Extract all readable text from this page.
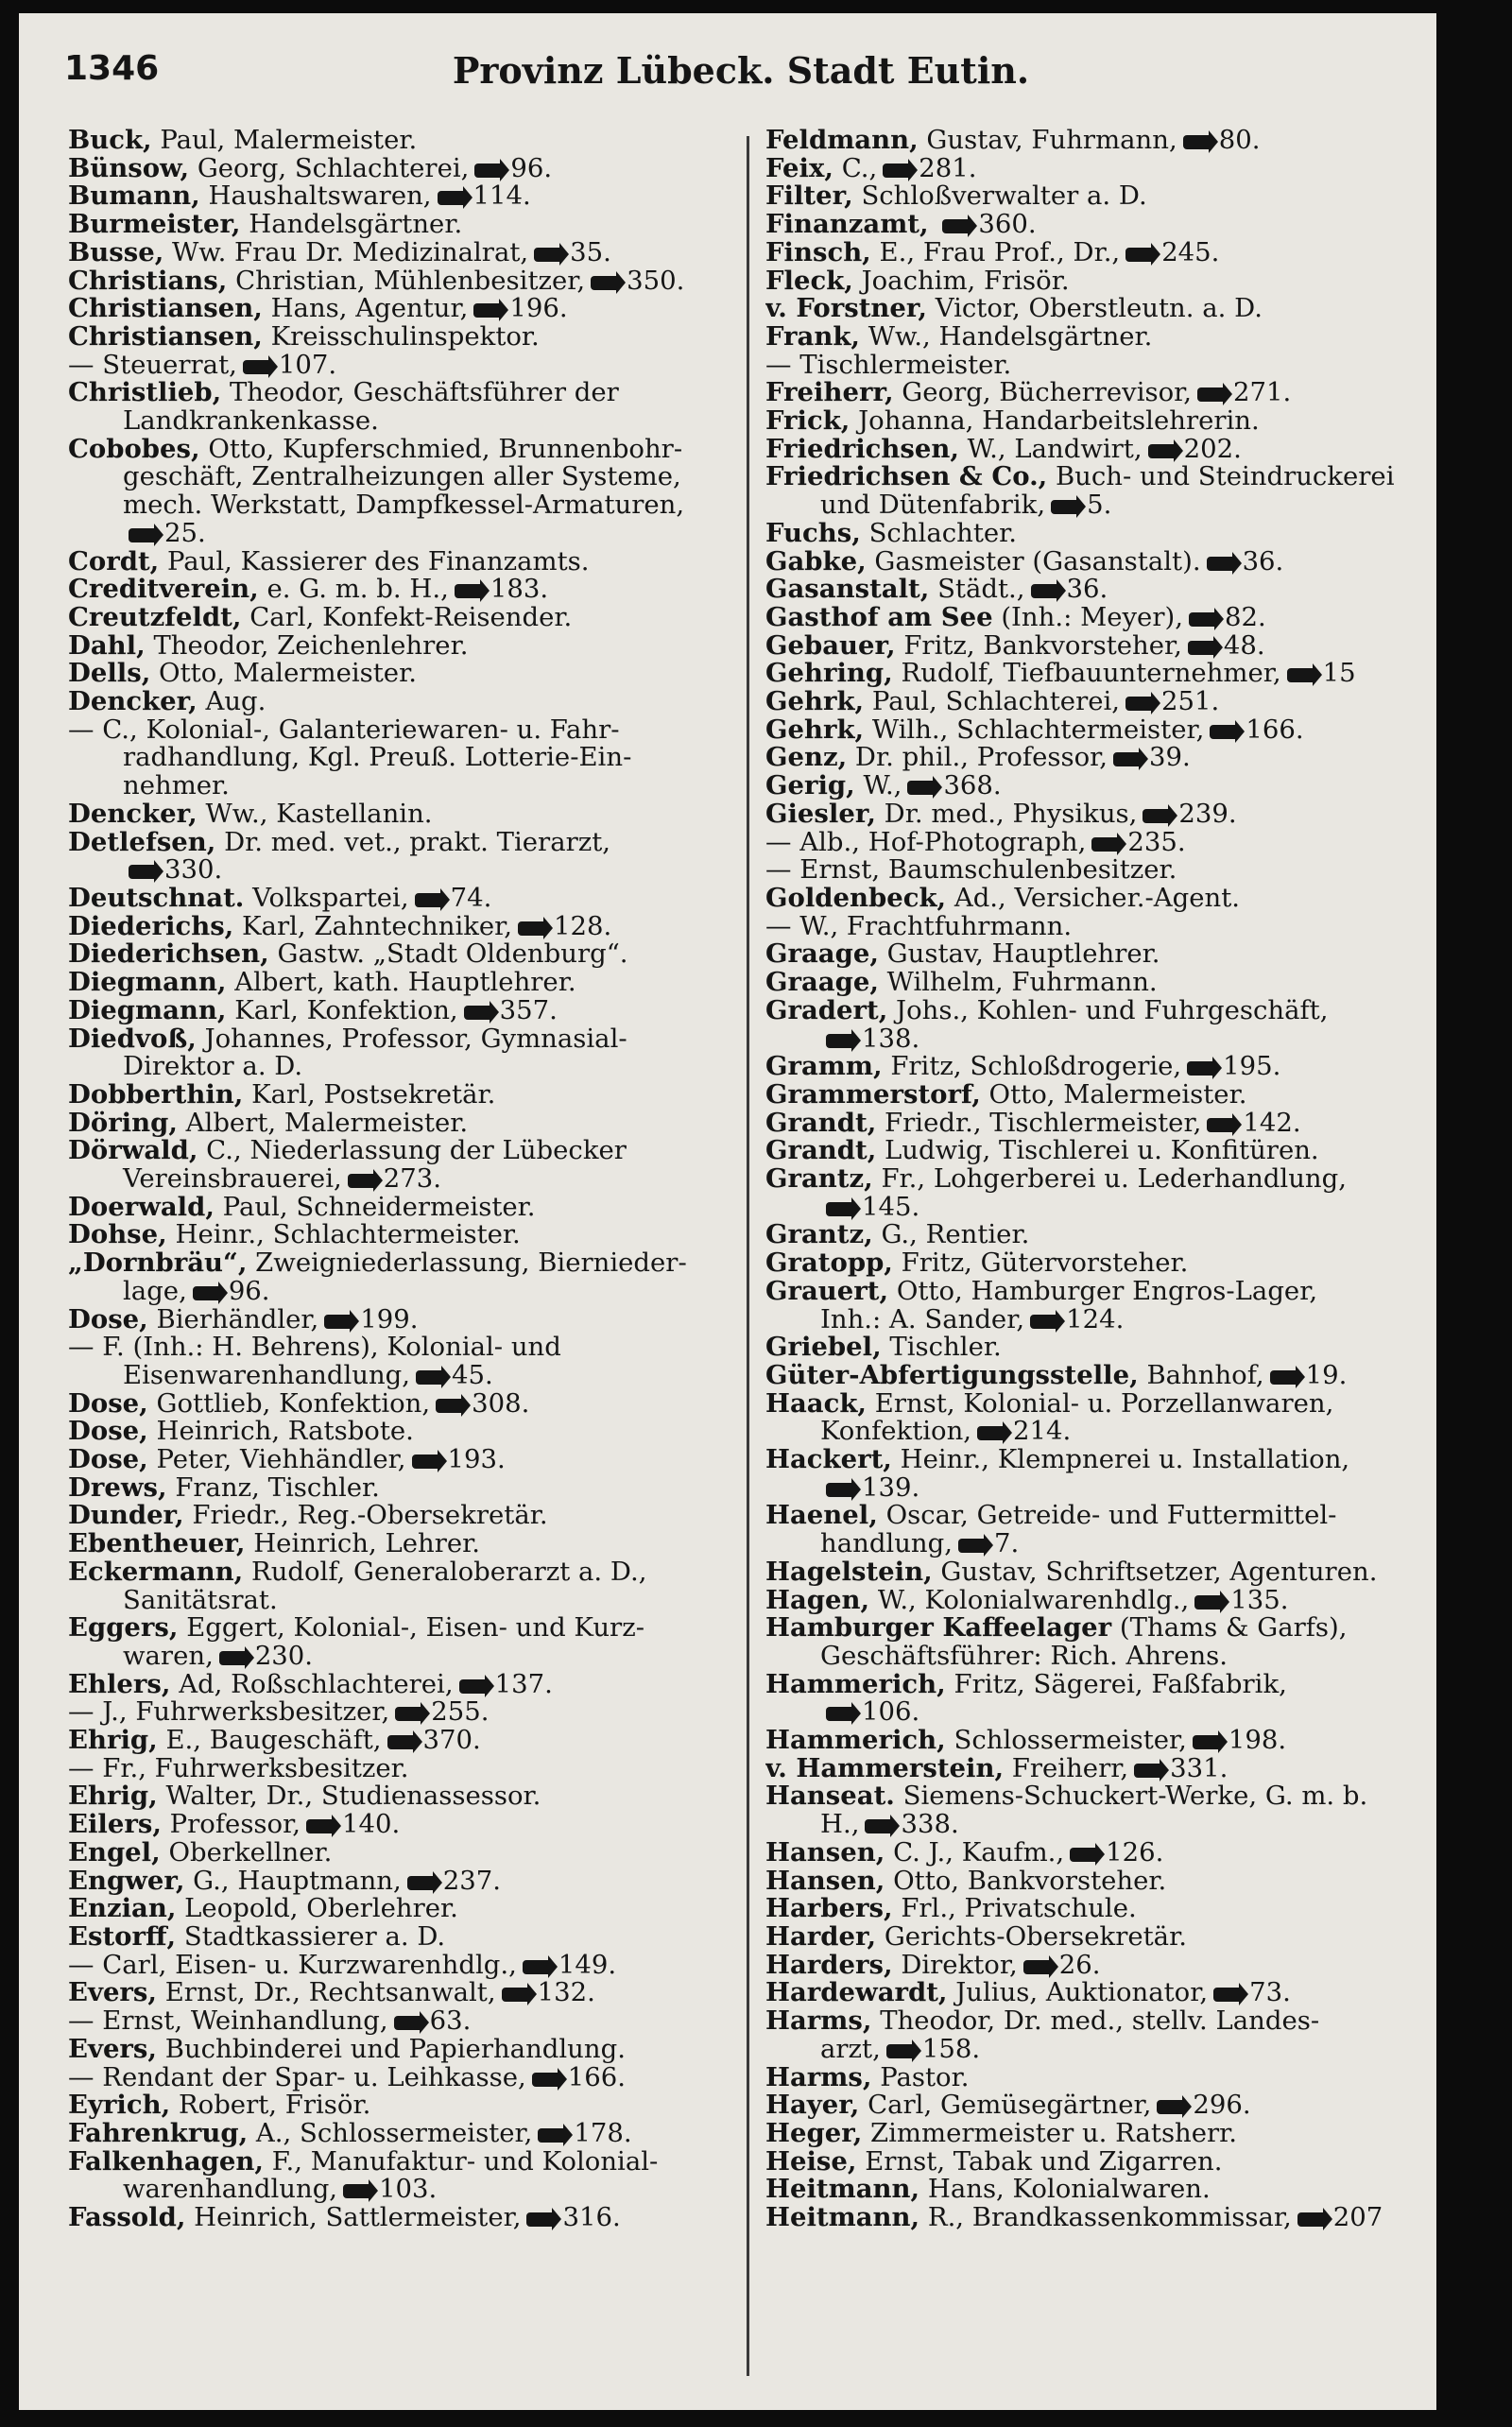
1346	Provinz Lübeck. Stadt Eutin.
Buck, Paul, Malermeister.
Bünsow, Georg, Schlachterei, 96.
Bumann, Haushaltswaren, 114.
Burmeister, Handelsgärtner.
Busse, Ww. Frau Dr. Medizinalrat, 35.
Christians, Christian, Mühlenbesitzer, 350.
Christiansen, Hans, Agentur, 196.
Christiansen, Kreisschulinspektor.
— Steuerrat, 107.
Christlieb, Theodor, Geschäftsführer der
Landkrankenkasse.
Cobobes, Otto, Kupferschmied, Brunnenbohr-
geschäft, Zentralheizungen aller Systeme,
mech. Werkstatt, Dampfkessel-Armaturen,
25.
Cordt, Paul, Kassierer des Finanzamts.
Creditverein, e. G. m. b. H., 183.
Creutzfeldt, Carl, Konfekt-Reisender.
Dahl, Theodor, Zeichenlehrer.
Dells, Otto, Malermeister.
Dencker, Aug.
— C., Kolonial-, Galanteriewaren- u. Fahr-
radhandlung, Kgl. Preuß. Lotterie-Ein-
nehmer.
Dencker, Ww., Kastellanin.
Detlefsen, Dr. med. vet., prakt. Tierarzt,
330.
Deutschnat. Volkspartei, 74.
Diederichs, Karl, Zahntechniker, 128.
Diederichsen, Gastw. „Stadt Oldenburg“.
Diegmann, Albert, kath. Hauptlehrer.
Diegmann, Karl, Konfektion, 357.
Diedvoß, Johannes, Professor, Gymnasial-
Direktor a. D.
Dobberthin, Karl, Postsekretär.
Döring, Albert, Malermeister.
Dörwald, C., Niederlassung der Lübecker
Vereinsbrauerei, 273.
Doerwald, Paul, Schneidermeister.
Dohse, Heinr., Schlachtermeister.
„Dornbräu“, Zweigniederlassung, Biernieder-
lage, 96.
Dose, Bierhändler, 199.
— F. (Inh.: H. Behrens), Kolonial- und
Eisenwarenhandlung, 45.
Dose, Gottlieb, Konfektion, 308.
Dose, Heinrich, Ratsbote.
Dose, Peter, Viehhändler, 193.
Drews, Franz, Tischler.
Dunder, Friedr., Reg.-Obersekretär.
Ebentheuer, Heinrich, Lehrer.
Eckermann, Rudolf, Generaloberarzt a. D.,
Sanitätsrat.
Eggers, Eggert, Kolonial-, Eisen- und Kurz-
waren, 230.
Ehlers, Ad, Roßschlachterei, 137.
— J., Fuhrwerksbesitzer, 255.
Ehrig, E., Baugeschäft, 370.
— Fr., Fuhrwerksbesitzer.
Ehrig, Walter, Dr., Studienassessor.
Eilers, Professor, 140.
Engel, Oberkellner.
Engwer, G., Hauptmann, 237.
Enzian, Leopold, Oberlehrer.
Estorff, Stadtkassierer a. D.
— Carl, Eisen- u. Kurzwarenhdlg., 149.
Evers, Ernst, Dr., Rechtsanwalt, 132.
— Ernst, Weinhandlung, 63.
Evers, Buchbinderei und Papierhandlung.
— Rendant der Spar- u. Leihkasse, 166.
Eyrich, Robert, Frisör.
Fahrenkrug, A., Schlossermeister, 178.
Falkenhagen, F., Manufaktur- und Kolonial-
warenhandlung, 103.
Fassold, Heinrich, Sattlermeister, 316.
Feldmann, Gustav, Fuhrmann, 80.
Feix, C., 281.
Filter, Schloßverwalter a. D.
Finanzamt, 360.
Finsch, E., Frau Prof., Dr., 245.
Fleck, Joachim, Frisör.
v. Forstner, Victor, Oberstleutn. a. D.
Frank, Ww., Handelsgärtner.
— Tischlermeister.
Freiherr, Georg, Bücherrevisor, 271.
Frick, Johanna, Handarbeitslehrerin.
Friedrichsen, W., Landwirt, 202.
Friedrichsen & Co., Buch- und Steindruckerei
und Dütenfabrik, 5.
Fuchs, Schlachter.
Gabke, Gasmeister (Gasanstalt). 36.
Gasanstalt, Städt., 36.
Gasthof am See (Inh.: Meyer), 82.
Gebauer, Fritz, Bankvorsteher, 48.
Gehring, Rudolf, Tiefbauunternehmer, 15
Gehrk, Paul, Schlachterei, 251.
Gehrk, Wilh., Schlachtermeister, 166.
Genz, Dr. phil., Professor, 39.
Gerig, W., 368.
Giesler, Dr. med., Physikus, 239.
— Alb., Hof-Photograph, 235.
— Ernst, Baumschulenbesitzer.
Goldenbeck, Ad., Versicher.-Agent.
— W., Frachtfuhrmann.
Graage, Gustav, Hauptlehrer.
Graage, Wilhelm, Fuhrmann.
Gradert, Johs., Kohlen- und Fuhrgeschäft,
138.
Gramm, Fritz, Schloßdrogerie, 195.
Grammerstorf, Otto, Malermeister.
Grandt, Friedr., Tischlermeister, 142.
Grandt, Ludwig, Tischlerei u. Konfitüren.
Grantz, Fr., Lohgerberei u. Lederhandlung,
145.
Grantz, G., Rentier.
Gratopp, Fritz, Gütervorsteher.
Grauert, Otto, Hamburger Engros-Lager,
Inh.: A. Sander, 124.
Griebel, Tischler.
Güter-Abfertigungsstelle, Bahnhof, 19.
Haack, Ernst, Kolonial- u. Porzellanwaren,
Konfektion, 214.
Hackert, Heinr., Klempnerei u. Installation,
139.
Haenel, Oscar, Getreide- und Futtermittel-
handlung, 7.
Hagelstein, Gustav, Schriftsetzer, Agenturen.
Hagen, W., Kolonialwarenhdlg., 135.
Hamburger Kaffeelager (Thams & Garfs),
Geschäftsführer: Rich. Ahrens.
Hammerich, Fritz, Sägerei, Faßfabrik,
106.
Hammerich, Schlossermeister, 198.
v. Hammerstein, Freiherr, 331.
Hanseat. Siemens-Schuckert-Werke, G. m. b.
H., 338.
Hansen, C. J., Kaufm., 126.
Hansen, Otto, Bankvorsteher.
Harbers, Frl., Privatschule.
Harder, Gerichts-Obersekretär.
Harders, Direktor, 26.
Hardewardt, Julius, Auktionator, 73.
Harms, Theodor, Dr. med., stellv. Landes-
arzt, 158.
Harms, Pastor.
Hayer, Carl, Gemüsegärtner, 296.
Heger, Zimmermeister u. Ratsherr.
Heise, Ernst, Tabak und Zigarren.
Heitmann, Hans, Kolonialwaren.
Heitmann, R., Brandkassenkommissar, 207
